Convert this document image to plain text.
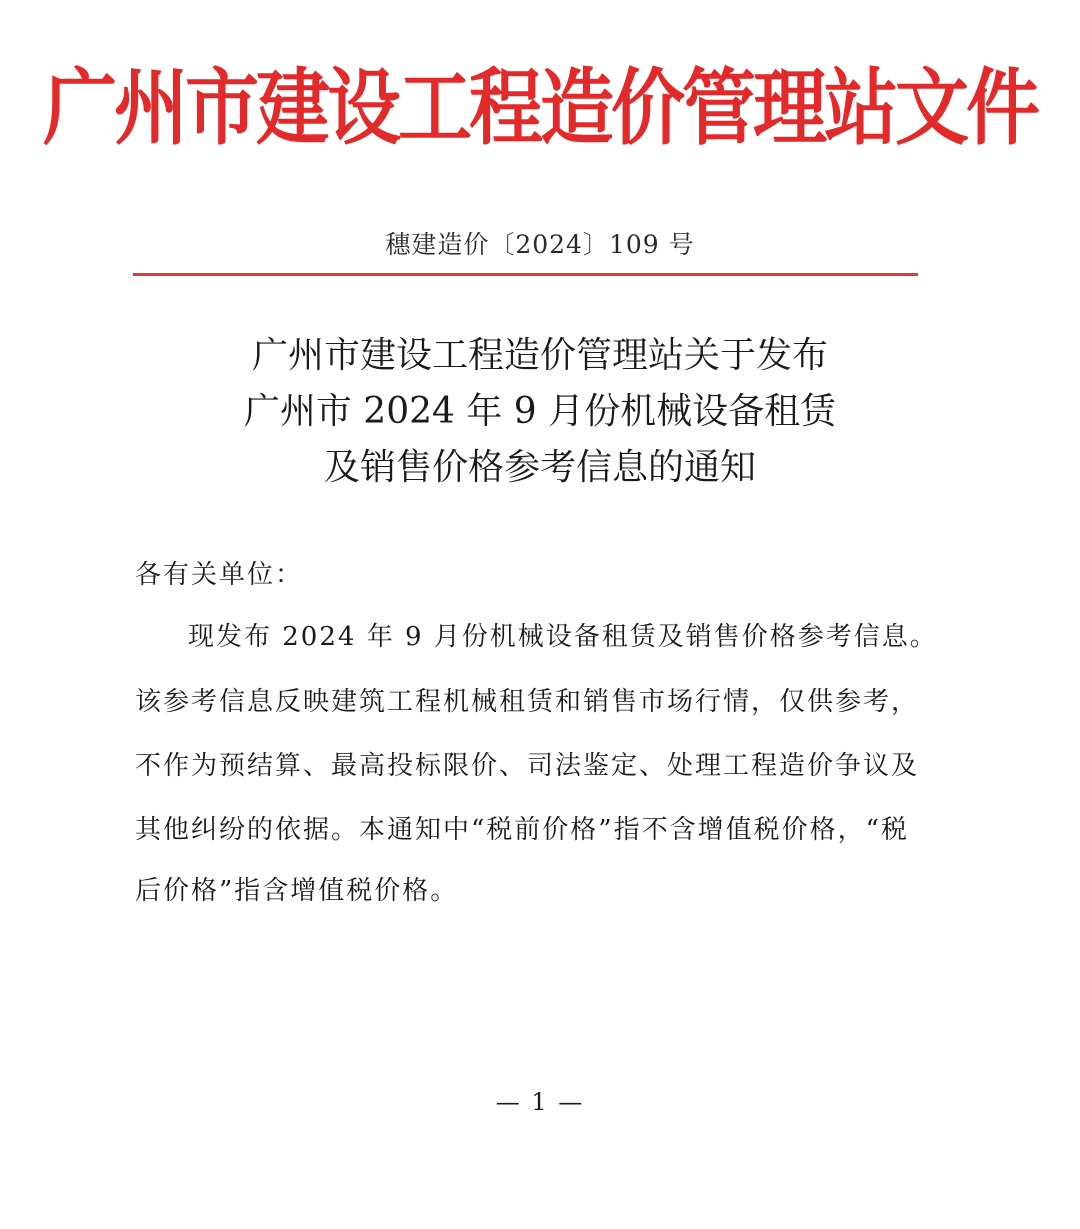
广州市建设工程造价管理站文件
穗建造价〔2024〕109 号
广州市建设工程造价管理站关于发布
广州市 2024 年 9 月份机械设备租赁
及销售价格参考信息的通知
各有关单位：
现发布 2024 年 9 月份机械设备租赁及销售价格参考信息。
该参考信息反映建筑工程机械租赁和销售市场行情，仅供参考，
不作为预结算、最高投标限价、司法鉴定、处理工程造价争议及
其他纠纷的依据。本通知中“税前价格”指不含增值税价格，“税
后价格”指含增值税价格。
— 1 —
